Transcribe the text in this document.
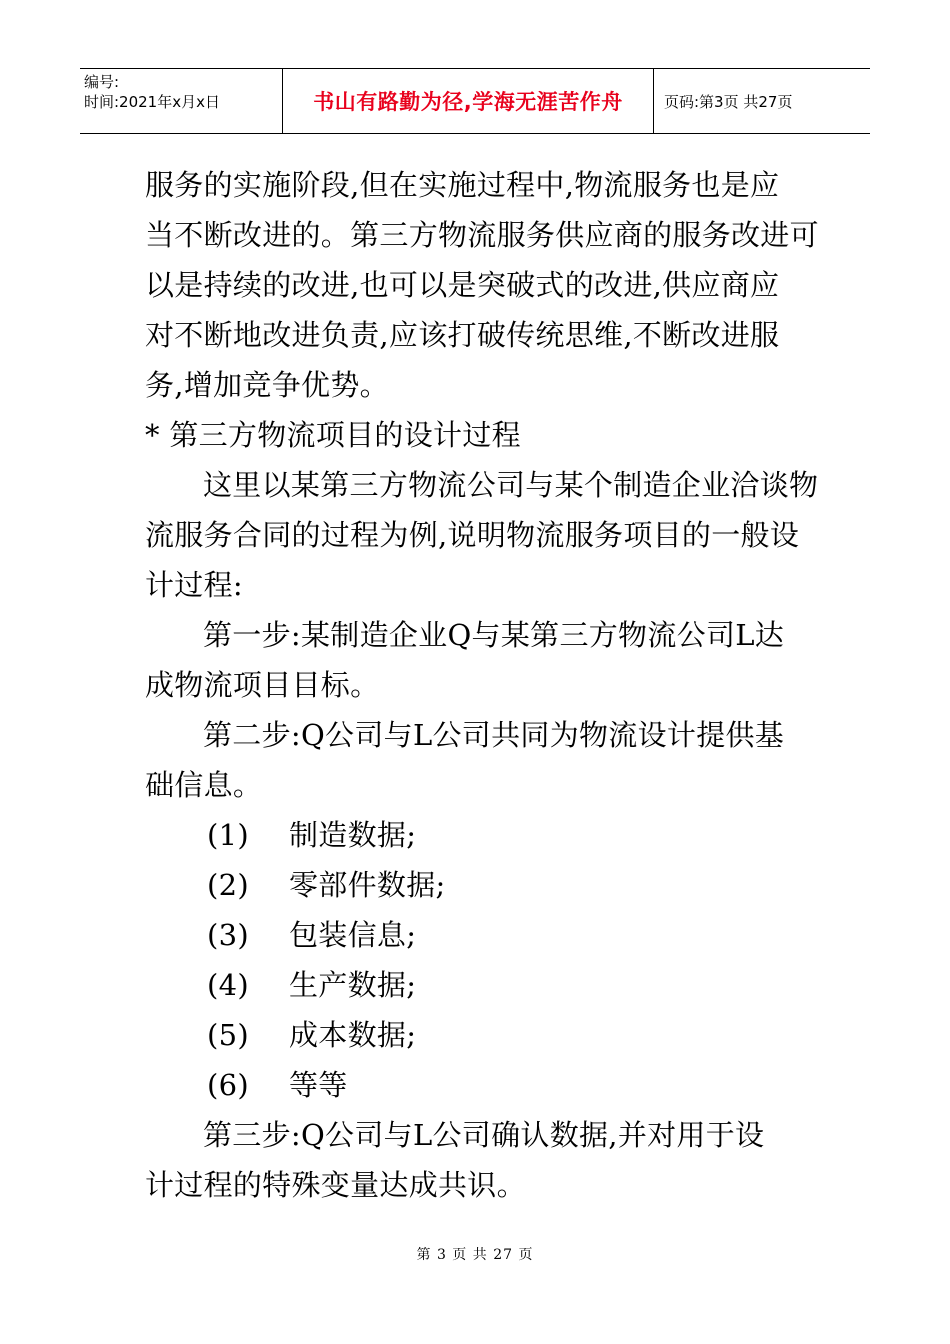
编号:
时间:2021年x月x日	书山有路勤为径,学海无涯苦作舟	页码:第3页 共27页
服务的实施阶段,但在实施过程中,物流服务也是应
当不断改进的。第三方物流服务供应商的服务改进可
以是持续的改进,也可以是突破式的改进,供应商应
对不断地改进负责,应该打破传统思维,不断改进服
务,增加竞争优势。
* 第三方物流项目的设计过程
这里以某第三方物流公司与某个制造企业洽谈物
流服务合同的过程为例,说明物流服务项目的一般设
计过程:
第一步:某制造企业Q与某第三方物流公司L达
成物流项目目标。
第二步:Q公司与L公司共同为物流设计提供基
础信息。
(1) 制造数据;
(2) 零部件数据;
(3) 包装信息;
(4) 生产数据;
(5) 成本数据;
(6) 等等
第三步:Q公司与L公司确认数据,并对用于设
计过程的特殊变量达成共识。
第 3 页 共 27 页
